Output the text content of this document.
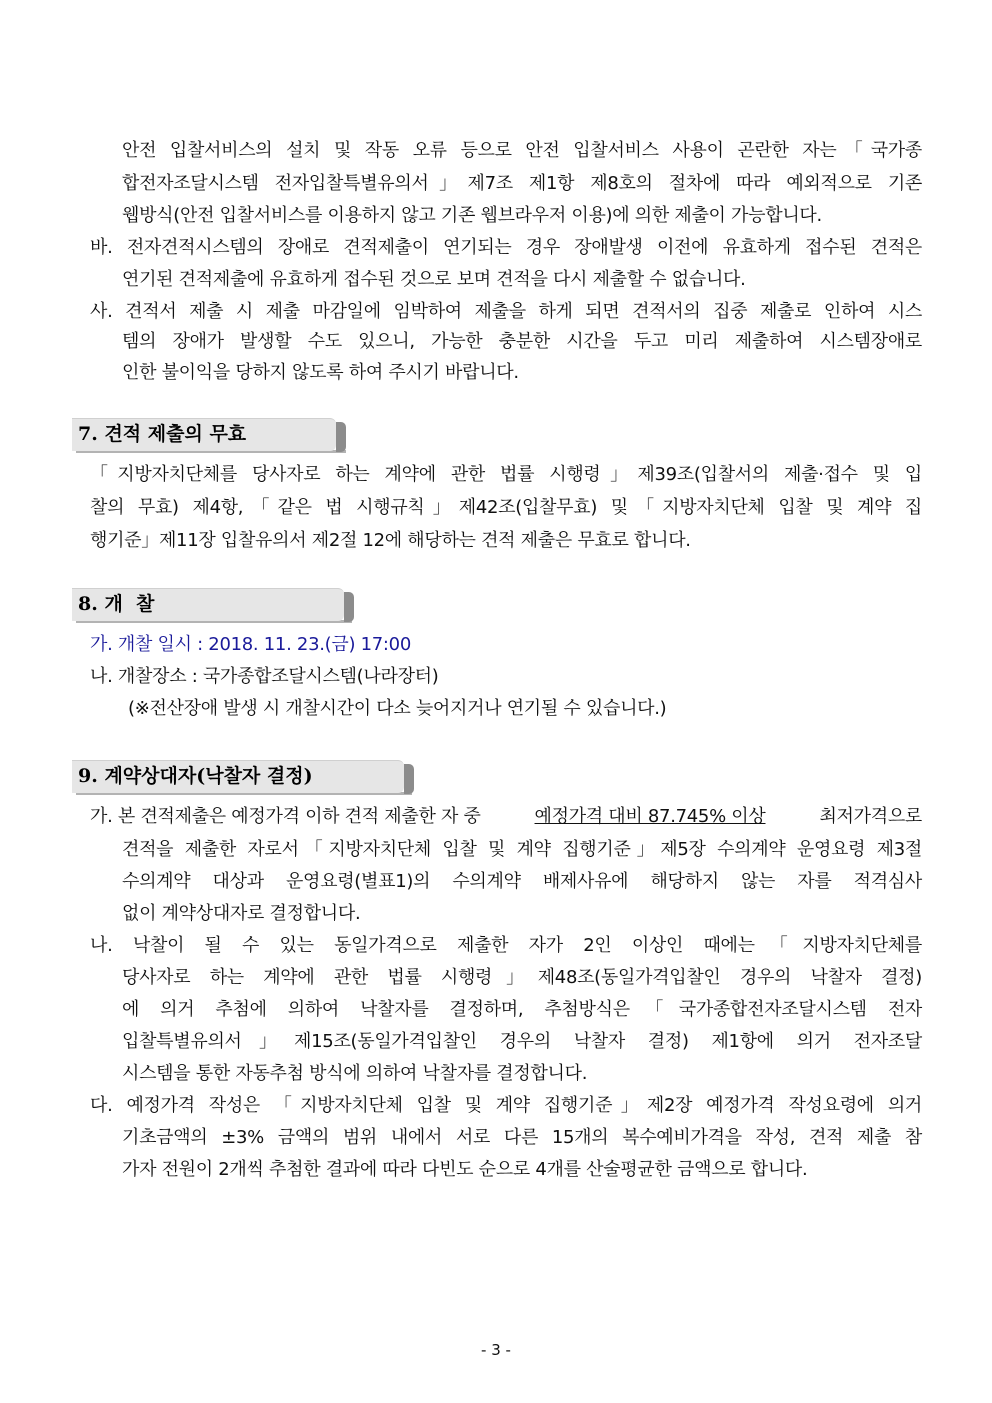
안전 입찰서비스의 설치 및 작동 오류 등으로 안전 입찰서비스 사용이 곤란한 자는「국가종
합전자조달시스템 전자입찰특별유의서」제7조 제1항 제8호의 절차에 따라 예외적으로 기존
웹방식(안전 입찰서비스를 이용하지 않고 기존 웹브라우저 이용)에 의한 제출이 가능합니다.
바. 전자견적시스템의 장애로 견적제출이 연기되는 경우 장애발생 이전에 유효하게 접수된 견적은
연기된 견적제출에 유효하게 접수된 것으로 보며 견적을 다시 제출할 수 없습니다.
사. 견적서 제출 시 제출 마감일에 임박하여 제출을 하게 되면 견적서의 집중 제출로 인하여 시스
템의 장애가 발생할 수도 있으니, 가능한 충분한 시간을 두고 미리 제출하여 시스템장애로
인한 불이익을 당하지 않도록 하여 주시기 바랍니다.
7. 견적 제출의 무효
「지방자치단체를 당사자로 하는 계약에 관한 법률 시행령」제39조(입찰서의 제출·접수 및 입
찰의 무효) 제4항,「같은 법 시행규칙」제42조(입찰무효) 및「지방자치단체 입찰 및 계약 집
행기준」제11장 입찰유의서 제2절 12에 해당하는 견적 제출은 무효로 합니다.
8. 개  찰
가. 개찰 일시 : 2018. 11. 23.(금) 17:00
나. 개찰장소 : 국가종합조달시스템(나라장터)
(※전산장애 발생 시 개찰시간이 다소 늦어지거나 연기될 수 있습니다.)
9. 계약상대자(낙찰자 결정)
가. 본 견적제출은 예정가격 이하 견적 제출한 자 중	예정가격 대비 87.745% 이상	최저가격으로
견적을 제출한 자로서「지방자치단체 입찰 및 계약 집행기준」제5장 수의계약 운영요령 제3절
수의계약 대상과 운영요령(별표1)의 수의계약 배제사유에 해당하지 않는 자를 적격심사
없이 계약상대자로 결정합니다.
나. 낙찰이 될 수 있는 동일가격으로 제출한 자가 2인 이상인 때에는「지방자치단체를
당사자로 하는 계약에 관한 법률 시행령」제48조(동일가격입찰인 경우의 낙찰자 결정)
에 의거 추첨에 의하여 낙찰자를 결정하며, 추첨방식은「국가종합전자조달시스템 전자
입찰특별유의서」제15조(동일가격입찰인 경우의 낙찰자 결정) 제1항에 의거 전자조달
시스템을 통한 자동추첨 방식에 의하여 낙찰자를 결정합니다.
다. 예정가격 작성은 「지방자치단체 입찰 및 계약 집행기준」제2장 예정가격 작성요령에 의거
기초금액의 ±3% 금액의 범위 내에서 서로 다른 15개의 복수예비가격을 작성, 견적 제출 참
가자 전원이 2개씩 추첨한 결과에 따라 다빈도 순으로 4개를 산술평균한 금액으로 합니다.
- 3 -
